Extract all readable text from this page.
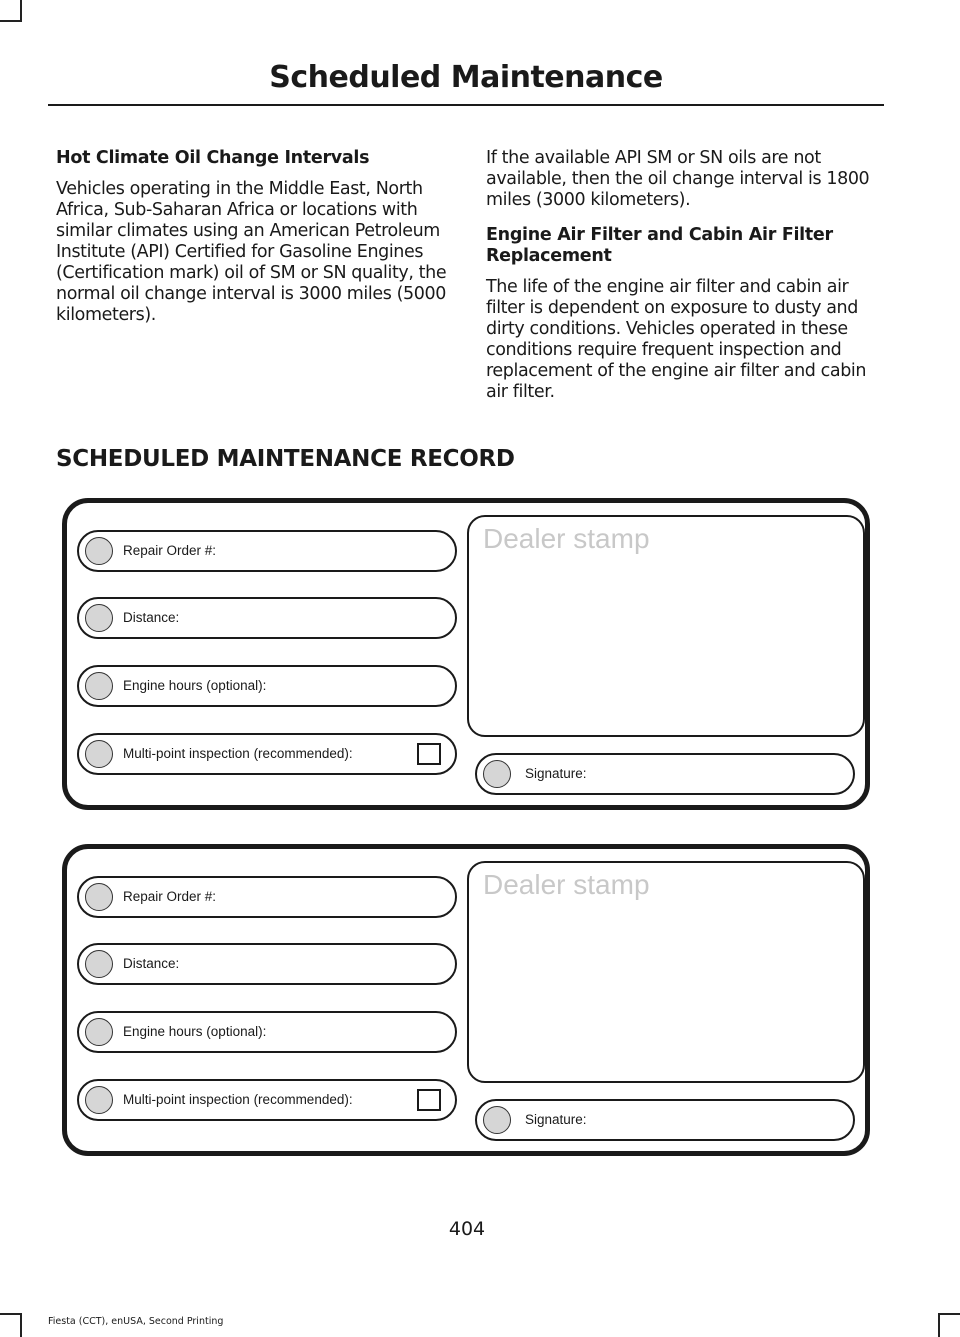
Scheduled Maintenance
Hot Climate Oil Change Intervals

Vehicles operating in the Middle East, North Africa, Sub-Saharan Africa or locations with similar climates using an American Petroleum Institute (API) Certified for Gasoline Engines (Certification mark) oil of SM or SN quality, the normal oil change interval is 3000 miles (5000 kilometers).

If the available API SM or SN oils are not available, then the oil change interval is 1800 miles (3000 kilometers).

Engine Air Filter and Cabin Air Filter Replacement

The life of the engine air filter and cabin air filter is dependent on exposure to dusty and dirty conditions. Vehicles operated in these conditions require frequent inspection and replacement of the engine air filter and cabin air filter.

SCHEDULED MAINTENANCE RECORD
Repair Order #:
Distance:
Engine hours (optional):
Multi-point inspection (recommended):
Dealer stamp
Signature:
Repair Order #:
Distance:
Engine hours (optional):
Multi-point inspection (recommended):
Dealer stamp
Signature:

404

Fiesta (CCT), enUSA, Second Printing
